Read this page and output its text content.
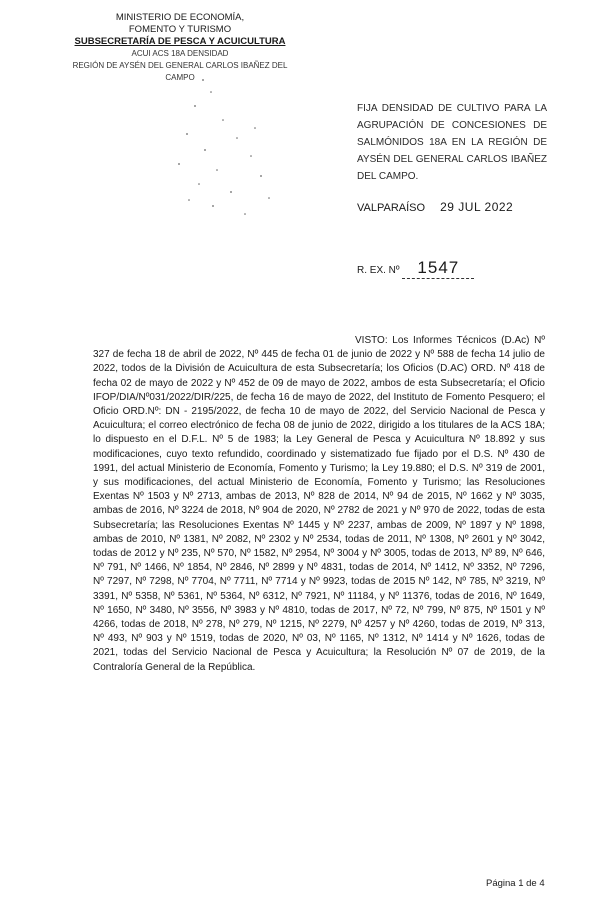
MINISTERIO DE ECONOMÍA,
FOMENTO Y TURISMO
SUBSECRETARÍA DE PESCA Y ACUICULTURA
ACUI ACS 18A DENSIDAD
REGIÓN DE AYSÉN DEL GENERAL CARLOS IBAÑEZ DEL CAMPO
FIJA DENSIDAD DE CULTIVO PARA LA AGRUPACIÓN DE CONCESIONES DE SALMÓNIDOS 18A EN LA REGIÓN DE AYSÉN DEL GENERAL CARLOS IBAÑEZ DEL CAMPO.
VALPARAÍSO 29 JUL 2022
R. EX. Nº 1547

VISTO: Los Informes Técnicos (D.Ac) Nº 327 de fecha 18 de abril de 2022, Nº 445 de fecha 01 de junio de 2022 y Nº 588 de fecha 14 julio de 2022, todos de la División de Acuicultura de esta Subsecretaría; los Oficios (D.AC) ORD. Nº 418 de fecha 02 de mayo de 2022 y Nº 452 de 09 de mayo de 2022, ambos de esta Subsecretaría; el Oficio IFOP/DIA/Nº031/2022/DIR/225, de fecha 16 de mayo de 2022, del Instituto de Fomento Pesquero; el Oficio ORD.Nº: DN - 2195/2022, de fecha 10 de mayo de 2022, del Servicio Nacional de Pesca y Acuicultura; el correo electrónico de fecha 08 de junio de 2022, dirigido a los titulares de la ACS 18A; lo dispuesto en el D.F.L. Nº 5 de 1983; la Ley General de Pesca y Acuicultura Nº 18.892 y sus modificaciones, cuyo texto refundido, coordinado y sistematizado fue fijado por el D.S. Nº 430 de 1991, del actual Ministerio de Economía, Fomento y Turismo; la Ley 19.880; el D.S. Nº 319 de 2001, y sus modificaciones, del actual Ministerio de Economía, Fomento y Turismo; las Resoluciones Exentas Nº 1503 y Nº 2713, ambas de 2013, Nº 828 de 2014, Nº 94 de 2015, Nº 1662 y Nº 3035, ambas de 2016, Nº 3224 de 2018, Nº 904 de 2020, Nº 2782 de 2021 y Nº 970 de 2022, todas de esta Subsecretaría; las Resoluciones Exentas Nº 1445 y Nº 2237, ambas de 2009, Nº 1897 y Nº 1898, ambas de 2010, Nº 1381, Nº 2082, Nº 2302 y Nº 2534, todas de 2011, Nº 1308, Nº 2601 y Nº 3042, todas de 2012 y Nº 235, Nº 570, Nº 1582, Nº 2954, Nº 3004 y Nº 3005, todas de 2013, Nº 89, Nº 646, Nº 791, Nº 1466, Nº 1854, Nº 2846, Nº 2899 y Nº 4831, todas de 2014, Nº 1412, Nº 3352, Nº 7296, Nº 7297, Nº 7298, Nº 7704, Nº 7711, Nº 7714 y Nº 9923, todas de 2015 Nº 142, Nº 785, Nº 3219, Nº 3391, Nº 5358, Nº 5361, Nº 5364, Nº 6312, Nº 7921, Nº 11184, y Nº 11376, todas de 2016, Nº 1649, Nº 1650, Nº 3480, Nº 3556, Nº 3983 y Nº 4810, todas de 2017, Nº 72, Nº 799, Nº 875, Nº 1501 y Nº 4266, todas de 2018, Nº 278, Nº 279, Nº 1215, Nº 2279, Nº 4257 y Nº 4260, todas de 2019, Nº 313, Nº 493, Nº 903 y Nº 1519, todas de 2020, Nº 03, Nº 1165, Nº 1312, Nº 1414 y Nº 1626, todas de 2021, todas del Servicio Nacional de Pesca y Acuicultura; la Resolución Nº 07 de 2019, de la Contraloría General de la República.

Página 1 de 4
